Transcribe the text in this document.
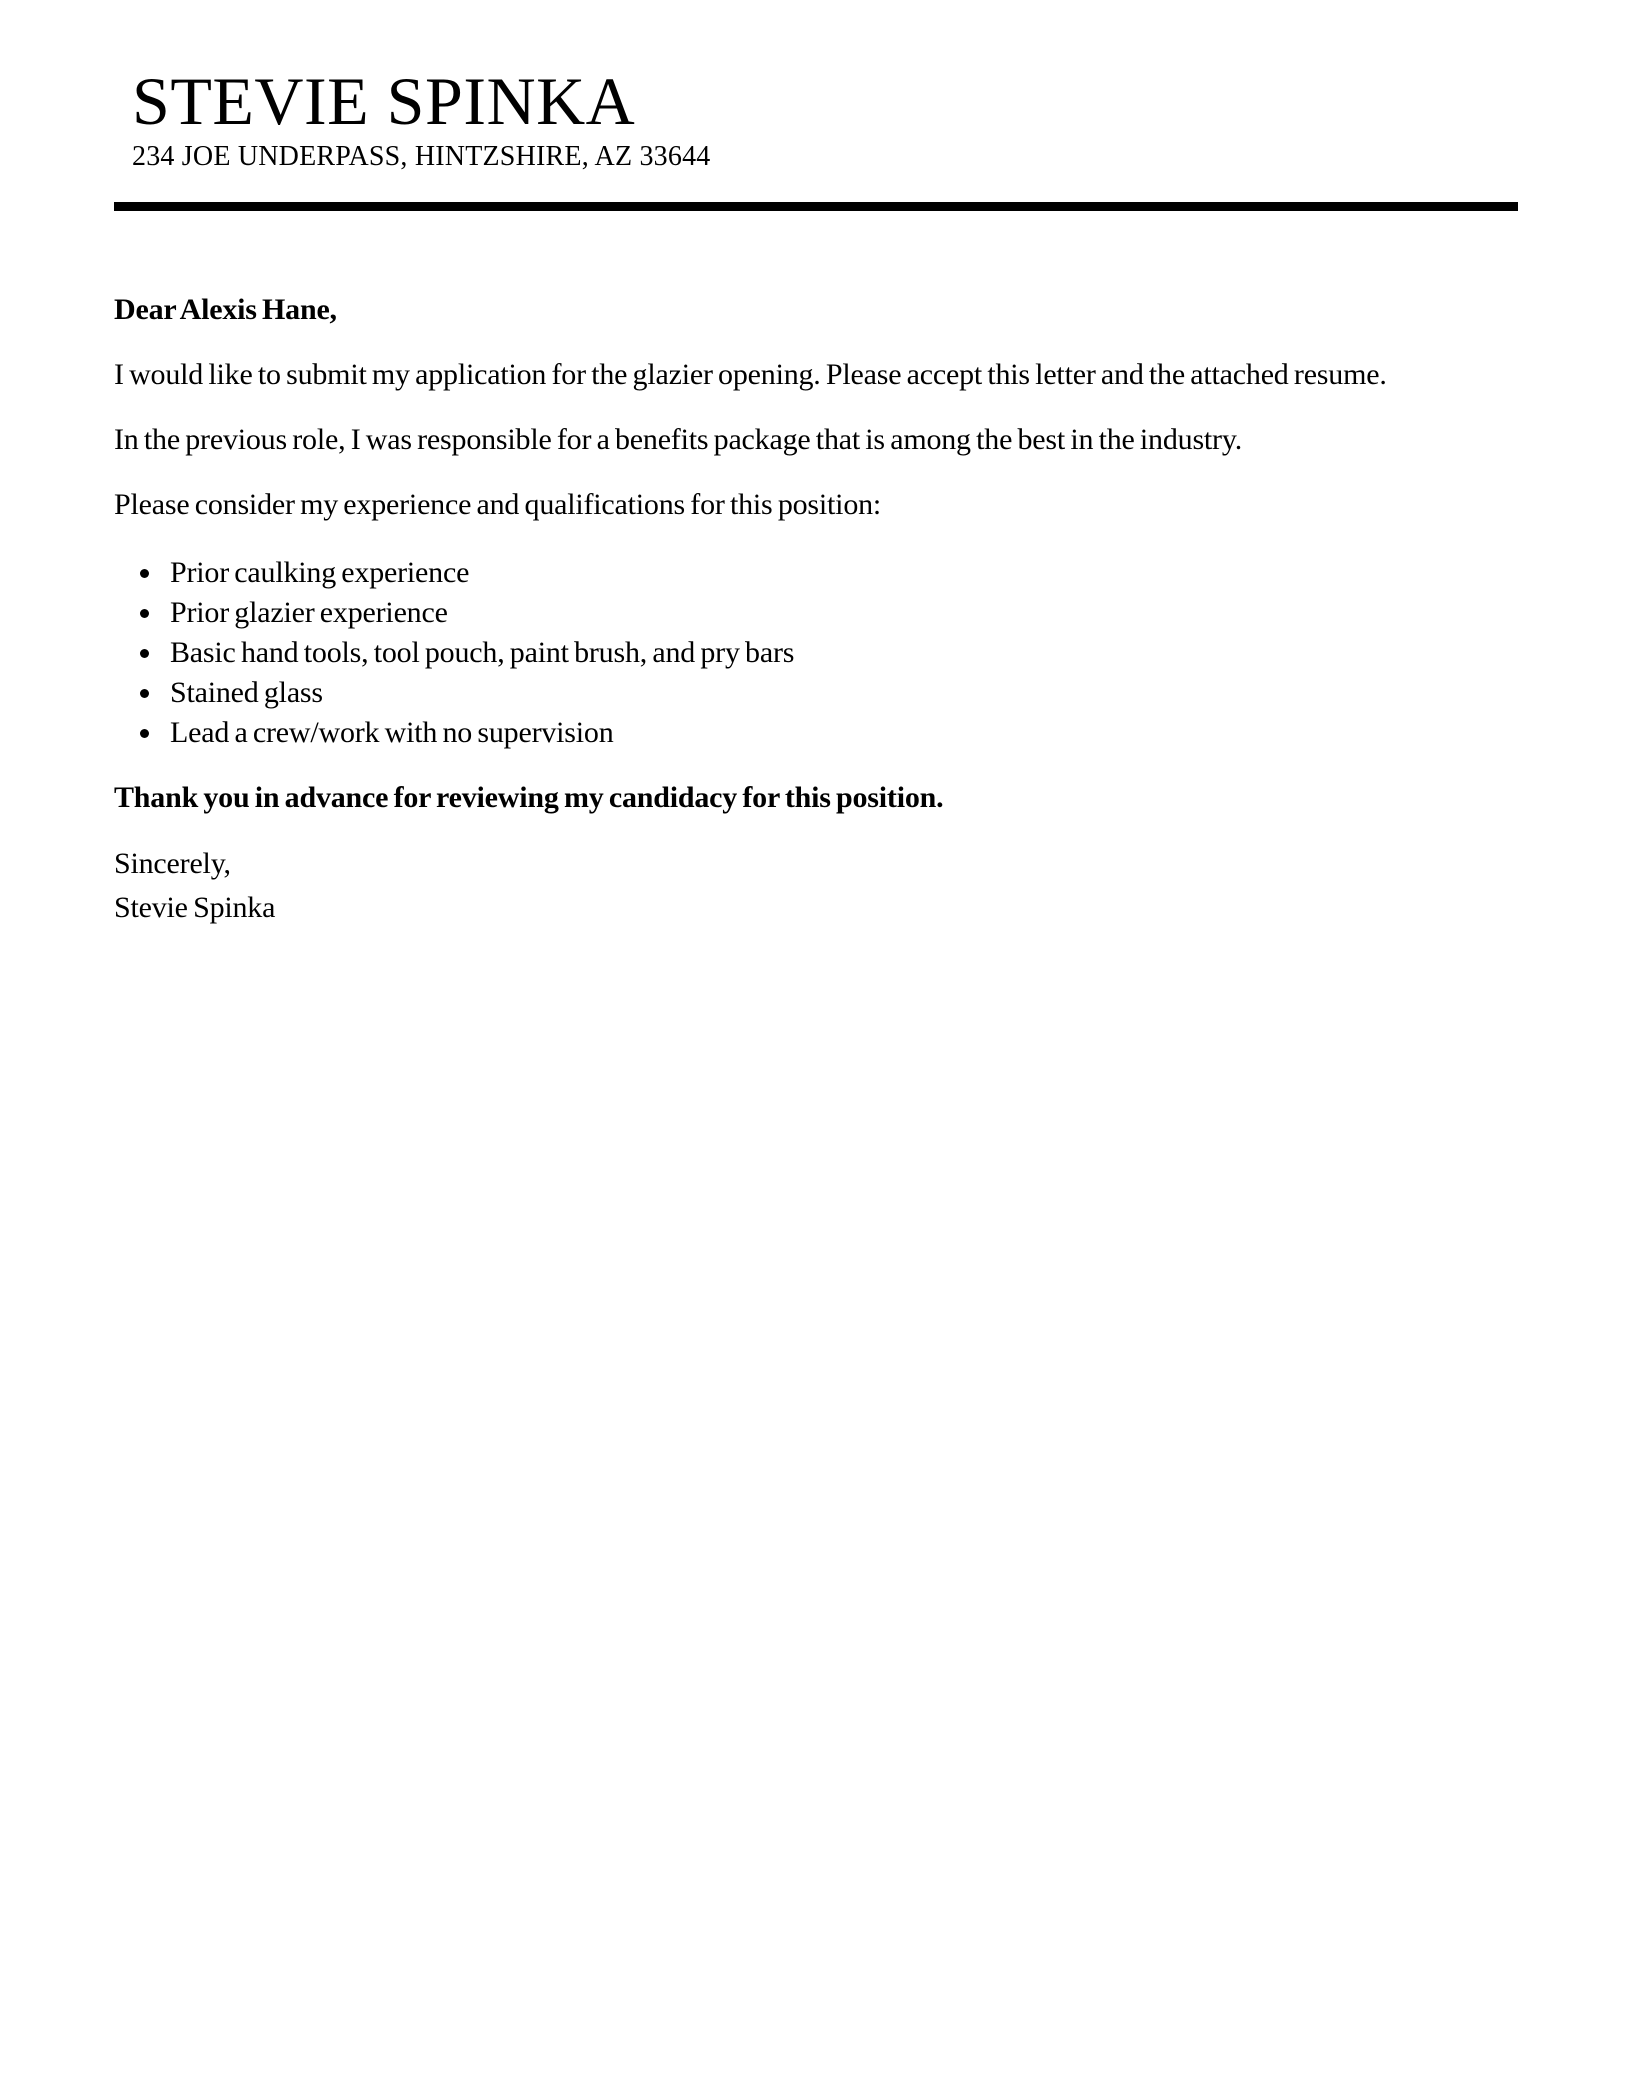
STEVIE SPINKA
234 JOE UNDERPASS, HINTZSHIRE, AZ 33644

Dear Alexis Hane,

I would like to submit my application for the glazier opening. Please accept this letter and the attached resume.

In the previous role, I was responsible for a benefits package that is among the best in the industry.

Please consider my experience and qualifications for this position:

• Prior caulking experience
• Prior glazier experience
• Basic hand tools, tool pouch, paint brush, and pry bars
• Stained glass
• Lead a crew/work with no supervision

Thank you in advance for reviewing my candidacy for this position.

Sincerely,
Stevie Spinka
